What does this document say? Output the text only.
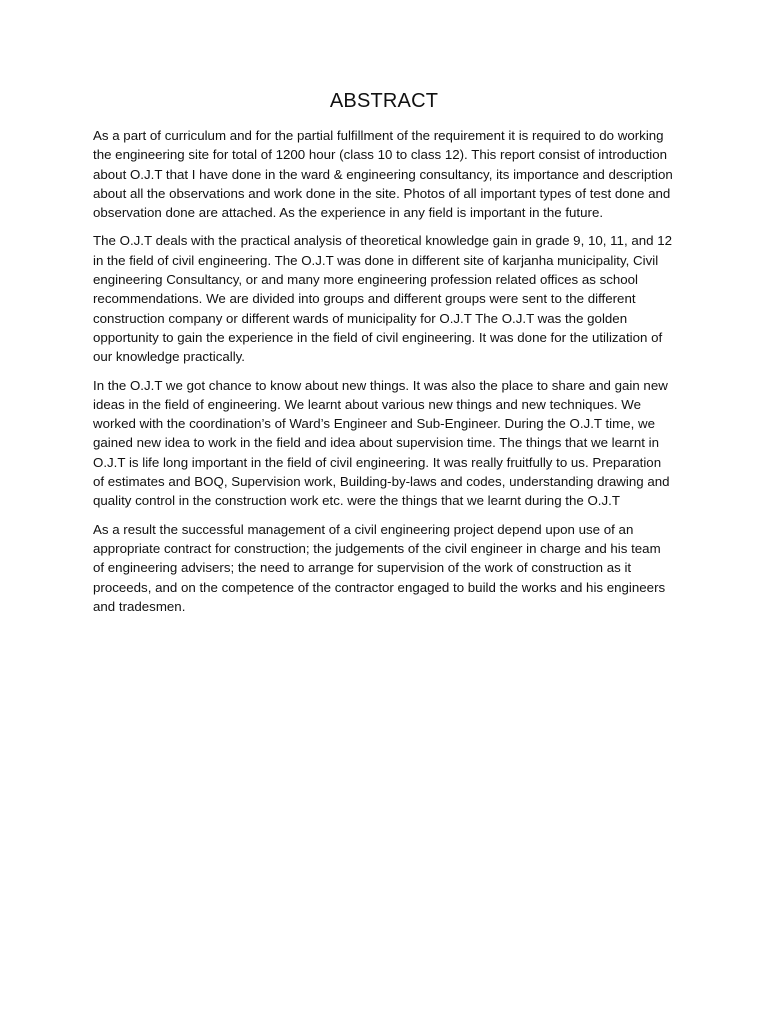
ABSTRACT

As a part of curriculum and for the partial fulfillment of the requirement it is required to do working the engineering site for total of 1200 hour (class 10 to class 12). This report consist of introduction about O.J.T that I have done in the ward & engineering consultancy, its importance and description about all the observations and work done in the site. Photos of all important types of test done and observation done are attached. As the experience in any field is important in the future.

The O.J.T deals with the practical analysis of theoretical knowledge gain in grade 9, 10, 11, and 12 in the field of civil engineering. The O.J.T was done in different site of karjanha municipality, Civil engineering Consultancy, or and many more engineering profession related offices as school recommendations. We are divided into groups and different groups were sent to the different construction company or different wards of municipality for O.J.T The O.J.T was the golden opportunity to gain the experience in the field of civil engineering. It was done for the utilization of our knowledge practically.

In the O.J.T we got chance to know about new things. It was also the place to share and gain new ideas in the field of engineering. We learnt about various new things and new techniques. We worked with the coordination’s of Ward’s Engineer and Sub-Engineer. During the O.J.T time, we gained new idea to work in the field and idea about supervision time. The things that we learnt in O.J.T is life long important in the field of civil engineering. It was really fruitfully to us. Preparation of estimates and BOQ, Supervision work, Building-by-laws and codes, understanding drawing and quality control in the construction work etc. were the things that we learnt during the O.J.T

As a result the successful management of a civil engineering project depend upon use of an appropriate contract for construction; the judgements of the civil engineer in charge and his team of engineering advisers; the need to arrange for supervision of the work of construction as it proceeds, and on the competence of the contractor engaged to build the works and his engineers and tradesmen.
